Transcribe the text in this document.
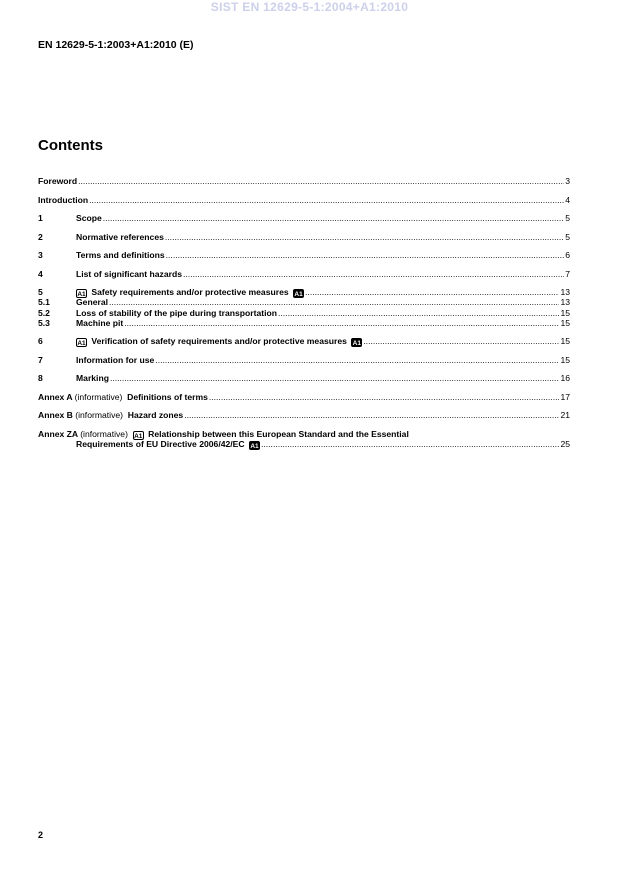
SIST EN 12629-5-1:2004+A1:2010
EN 12629-5-1:2003+A1:2010 (E)
Contents
Foreword .....	3
Introduction .....	4
1	Scope .....	5
2	Normative references .....	5
3	Terms and definitions .....	6
4	List of significant hazards .....	7
5	A1 Safety requirements and/or protective measures A1 .....	13
5.1	General .....	13
5.2	Loss of stability of the pipe during transportation .....	15
5.3	Machine pit .....	15
6	A1 Verification of safety requirements and/or protective measures A1 .....	15
7	Information for use .....	15
8	Marking .....	16
Annex A (informative) Definitions of terms .....	17
Annex B (informative) Hazard zones .....	21
Annex ZA (informative) A1 Relationship between this European Standard and the Essential
Requirements of EU Directive 2006/42/EC A1 .....	25
2
